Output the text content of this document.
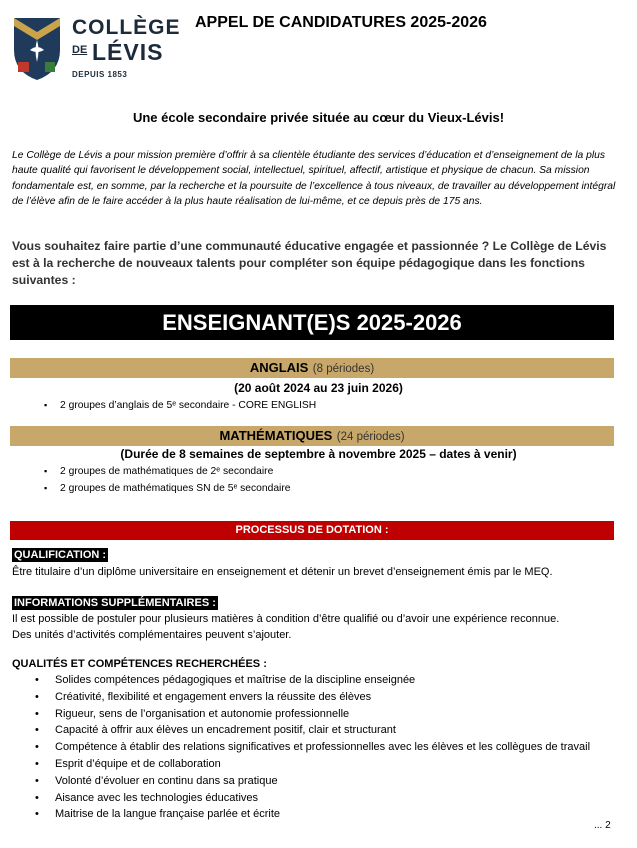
COLLÈGE
DE LÉVIS
DEPUIS 1853
APPEL DE CANDIDATURES 2025-2026
Une école secondaire privée située au cœur du Vieux-Lévis!
Le Collège de Lévis a pour mission première d’offrir à sa clientèle étudiante des services d’éducation et d’enseignement de la plus haute qualité qui favorisent le développement social, intellectuel, spirituel, affectif, artistique et physique de chacun. Sa mission fondamentale est, en somme, par la recherche et la poursuite de l’excellence à tous niveaux, de travailler au développement intégral de l’élève afin de le faire accéder à la plus haute réalisation de lui-même, et ce depuis près de 175 ans.
Vous souhaitez faire partie d’une communauté éducative engagée et passionnée ? Le Collège de Lévis est à la recherche de nouveaux talents pour compléter son équipe pédagogique dans les fonctions suivantes :
ENSEIGNANT(E)S 2025-2026
ANGLAIS (8 périodes)
(20 août 2024 au 23 juin 2026)
▪ 2 groupes d’anglais de 5ᵉ secondaire - CORE ENGLISH
MATHÉMATIQUES (24 périodes)
(Durée de 8 semaines de septembre à novembre 2025 – dates à venir)
▪ 2 groupes de mathématiques de 2ᵉ secondaire
▪ 2 groupes de mathématiques SN de 5ᵉ secondaire
PROCESSUS DE DOTATION :
QUALIFICATION :
Être titulaire d’un diplôme universitaire en enseignement et détenir un brevet d’enseignement émis par le MEQ.
INFORMATIONS SUPPLÉMENTAIRES :
Il est possible de postuler pour plusieurs matières à condition d’être qualifié ou d’avoir une expérience reconnue.
Des unités d’activités complémentaires peuvent s’ajouter.
QUALITÉS ET COMPÉTENCES RECHERCHÉES :
• Solides compétences pédagogiques et maîtrise de la discipline enseignée
• Créativité, flexibilité et engagement envers la réussite des élèves
• Rigueur, sens de l’organisation et autonomie professionnelle
• Capacité à offrir aux élèves un encadrement positif, clair et structurant
• Compétence à établir des relations significatives et professionnelles avec les élèves et les collègues de travail
• Esprit d’équipe et de collaboration
• Volonté d’évoluer en continu dans sa pratique
• Aisance avec les technologies éducatives
• Maitrise de la langue française parlée et écrite
... 2
